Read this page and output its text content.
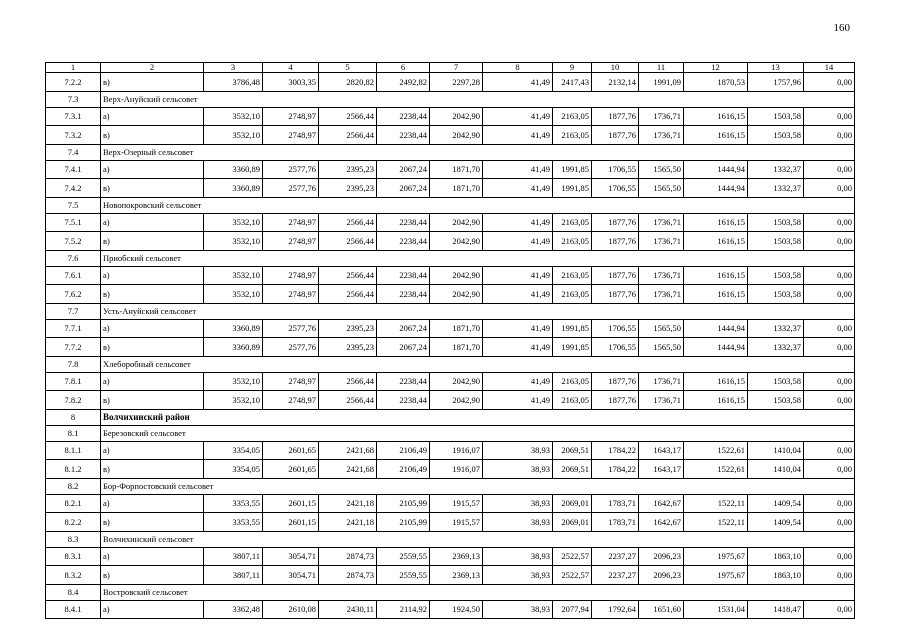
160
1	2	3	4	5	6	7	8	9	10	11	12	13	14
7.2.2	в)	3786,48	3003,35	2820,82	2492,82	2297,28	41,49	2417,43	2132,14	1991,09	1870,53	1757,96	0,00
7.3	Верх-Ануйский сельсовет												
7.3.1	а)	3532,10	2748,97	2566,44	2238,44	2042,90	41,49	2163,05	1877,76	1736,71	1616,15	1503,58	0,00
7.3.2	в)	3532,10	2748,97	2566,44	2238,44	2042,90	41,49	2163,05	1877,76	1736,71	1616,15	1503,58	0,00
7.4	Верх-Озерный сельсовет												
7.4.1	а)	3360,89	2577,76	2395,23	2067,24	1871,70	41,49	1991,85	1706,55	1565,50	1444,94	1332,37	0,00
7.4.2	в)	3360,89	2577,76	2395,23	2067,24	1871,70	41,49	1991,85	1706,55	1565,50	1444,94	1332,37	0,00
7.5	Новопокровский сельсовет												
7.5.1	а)	3532,10	2748,97	2566,44	2238,44	2042,90	41,49	2163,05	1877,76	1736,71	1616,15	1503,58	0,00
7.5.2	в)	3532,10	2748,97	2566,44	2238,44	2042,90	41,49	2163,05	1877,76	1736,71	1616,15	1503,58	0,00
7.6	Приобский сельсовет												
7.6.1	а)	3532,10	2748,97	2566,44	2238,44	2042,90	41,49	2163,05	1877,76	1736,71	1616,15	1503,58	0,00
7.6.2	в)	3532,10	2748,97	2566,44	2238,44	2042,90	41,49	2163,05	1877,76	1736,71	1616,15	1503,58	0,00
7.7	Усть-Ануйский сельсовет												
7.7.1	а)	3360,89	2577,76	2395,23	2067,24	1871,70	41,49	1991,85	1706,55	1565,50	1444,94	1332,37	0,00
7.7.2	в)	3360,89	2577,76	2395,23	2067,24	1871,70	41,49	1991,85	1706,55	1565,50	1444,94	1332,37	0,00
7.8	Хлеборобный сельсовет												
7.8.1	а)	3532,10	2748,97	2566,44	2238,44	2042,90	41,49	2163,05	1877,76	1736,71	1616,15	1503,58	0,00
7.8.2	в)	3532,10	2748,97	2566,44	2238,44	2042,90	41,49	2163,05	1877,76	1736,71	1616,15	1503,58	0,00
8	Волчихинский район												
8.1	Березовский сельсовет												
8.1.1	а)	3354,05	2601,65	2421,68	2106,49	1916,07	38,93	2069,51	1784,22	1643,17	1522,61	1410,04	0,00
8.1.2	в)	3354,05	2601,65	2421,68	2106,49	1916,07	38,93	2069,51	1784,22	1643,17	1522,61	1410,04	0,00
8.2	Бор-Форпостовский сельсовет												
8.2.1	а)	3353,55	2601,15	2421,18	2105,99	1915,57	38,93	2069,01	1783,71	1642,67	1522,11	1409,54	0,00
8.2.2	в)	3353,55	2601,15	2421,18	2105,99	1915,57	38,93	2069,01	1783,71	1642,67	1522,11	1409,54	0,00
8.3	Волчихинский сельсовет												
8.3.1	а)	3807,11	3054,71	2874,73	2559,55	2369,13	38,93	2522,57	2237,27	2096,23	1975,67	1863,10	0,00
8.3.2	в)	3807,11	3054,71	2874,73	2559,55	2369,13	38,93	2522,57	2237,27	2096,23	1975,67	1863,10	0,00
8.4	Востровский сельсовет												
8.4.1	а)	3362,48	2610,08	2430,11	2114,92	1924,50	38,93	2077,94	1792,64	1651,60	1531,04	1418,47	0,00
